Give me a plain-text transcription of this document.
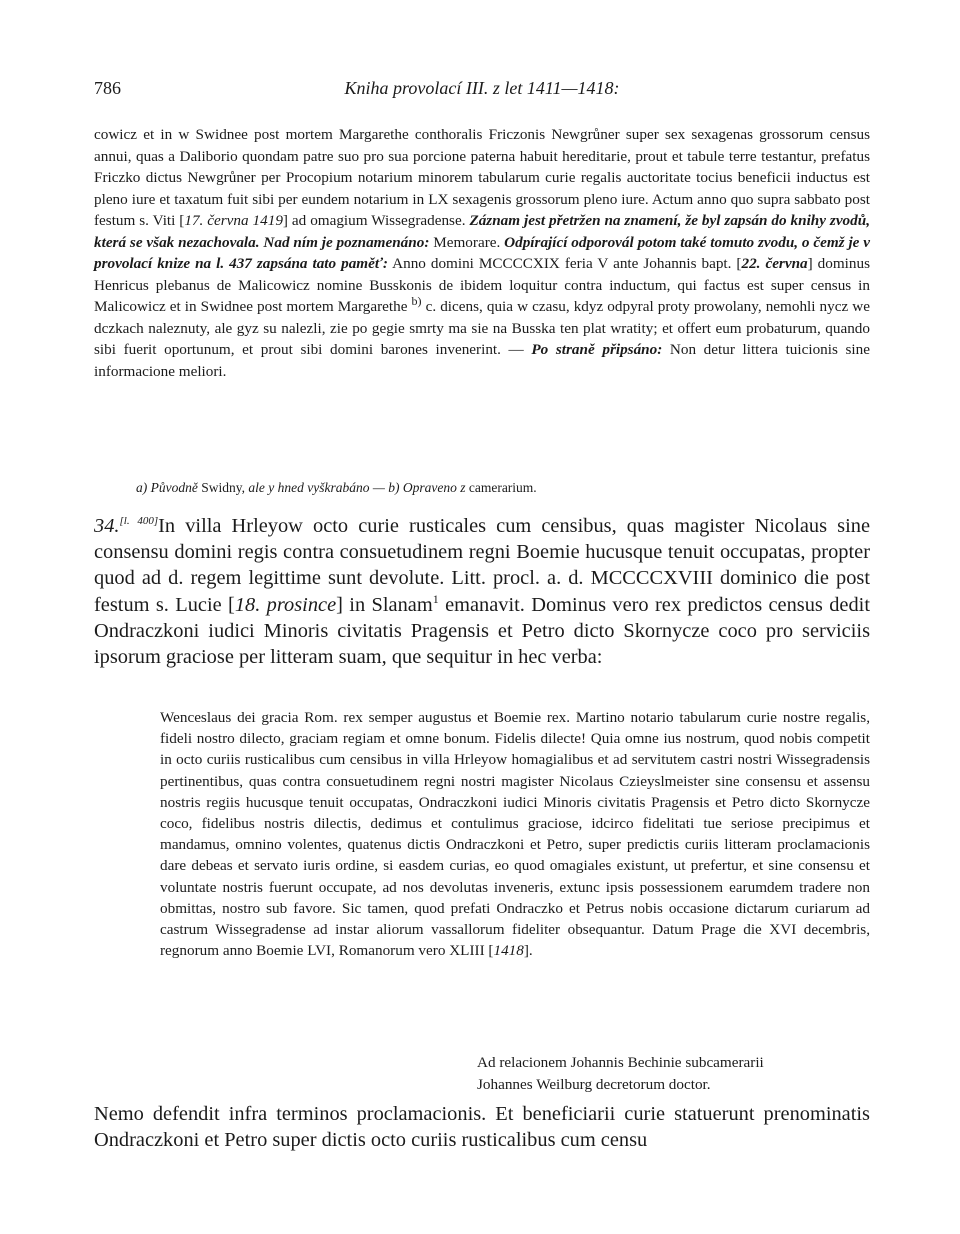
786	Kniha provolací III. z let 1411—1418:
cowicz et in w Swidnee post mortem Margarethe conthoralis Friczonis Newgrůner super sex sexagenas grossorum census annui, quas a Daliborio quondam patre suo pro sua porcione paterna habuit hereditarie, prout et tabule terre testantur, prefatus Friczko dictus Newgrůner per Procopium notarium minorem tabularum curie regalis auctoritate tocius beneficii inductus est pleno iure et taxatum fuit sibi per eundem notarium in LX sexagenis grossorum pleno iure. Actum anno quo supra sabbato post festum s. Viti [17. června 1419] ad omagium Wissegradense. Záznam jest přetržen na znamení, že byl zapsán do knihy zvodů, která se však nezachovala. Nad ním je poznamenáno: Memorare. Odpírající odporovál potom také tomuto zvodu, o čemž je v provolací knize na l. 437 zapsána tato paměť: Anno domini MCCCCXIX feria V ante Johannis bapt. [22. června] dominus Henricus plebanus de Malicowicz nomine Busskonis de ibidem loquitur contra inductum, qui factus est super census in Malicowicz et in Swidnee post mortem Margarethe $^{b)}$ c. dicens, quia w czasu, kdyz odpyral proty prowolany, nemohli nycz we dczkach naleznuty, ale gyz su nalezli, zie po gegie smrty ma sie na Busska ten plat wratity; et offert eum probaturum, quando sibi fuerit oportunum, et prout sibi domini barones invenerint. — Po straně připsáno: Non detur littera tuicionis sine informacione meliori.
a) Původně Swidny, ale y hned vyškrabáno — b) Opraveno z camerarium.
34.[l. 400]In villa Hrleyow octo curie rusticales cum censibus, quas magister Nicolaus sine consensu domini regis contra consuetudinem regni Boemie hucusque tenuit occupatas, propter quod ad d. regem legittime sunt devolute. Litt. procl. a. d. MCCCCXVIII dominico die post festum s. Lucie [18. prosince] in Slanam$^1$ emanavit. Dominus vero rex predictos census dedit Ondraczkoni iudici Minoris civitatis Pragensis et Petro dicto Skornycze coco pro serviciis ipsorum graciose per litteram suam, que sequitur in hec verba:
Wenceslaus dei gracia Rom. rex semper augustus et Boemie rex. Martino notario tabularum curie nostre regalis, fideli nostro dilecto, graciam regiam et omne bonum. Fidelis dilecte! Quia omne ius nostrum, quod nobis competit in octo curiis rusticalibus cum censibus in villa Hrleyow homagialibus et ad servitutem castri nostri Wissegradensis pertinentibus, quas contra consuetudinem regni nostri magister Nicolaus Czieyslmeister sine consensu et assensu nostris regiis hucusque tenuit occupatas, Ondraczkoni iudici Minoris civitatis Pragensis et Petro dicto Skornycze coco, fidelibus nostris dilectis, dedimus et contulimus graciose, idcirco fidelitati tue seriose precipimus et mandamus, omnino volentes, quatenus dictis Ondraczkoni et Petro, super predictis curiis litteram proclamacionis dare debeas et servato iuris ordine, si easdem curias, eo quod omagiales existunt, ut prefertur, et sine consensu et voluntate nostris fuerunt occupate, ad nos devolutas inveneris, extunc ipsis possessionem earumdem tradere non obmittas, nostro sub favore. Sic tamen, quod prefati Ondraczko et Petrus nobis occasione dictarum curiarum ad castrum Wissegradense ad instar aliorum vassallorum fideliter obsequantur. Datum Prage die XVI decembris, regnorum anno Boemie LVI, Romanorum vero XLIII [1418].
Ad relacionem Johannis Bechinie subcamerarii
Johannes Weilburg decretorum doctor.
Nemo defendit infra terminos proclamacionis. Et beneficiarii curie statuerunt prenominatis Ondraczkoni et Petro super dictis octo curiis rusticalibus cum censu
